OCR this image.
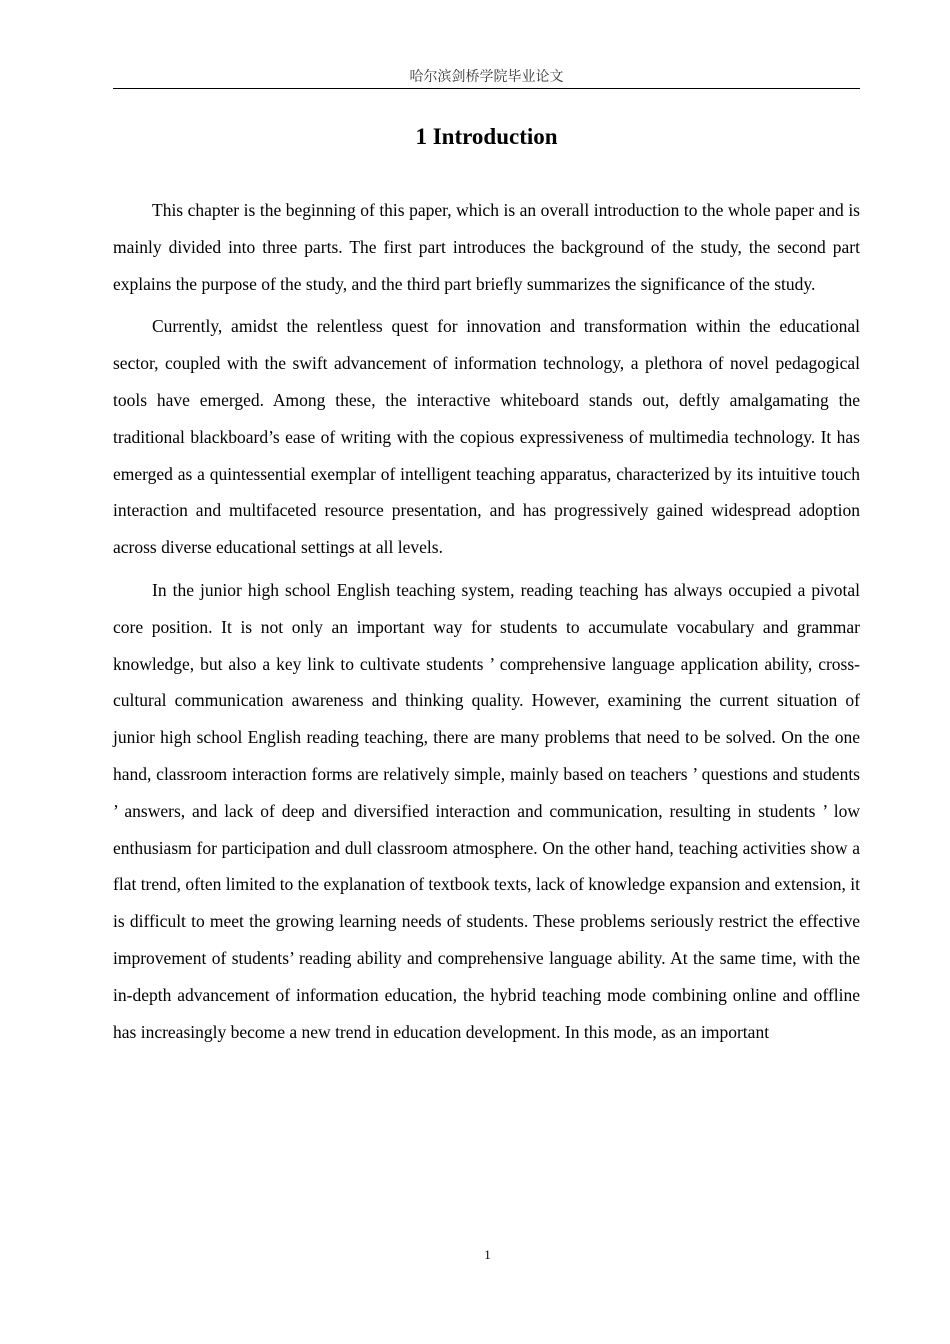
哈尔滨剑桥学院毕业论文
1 Introduction

This chapter is the beginning of this paper, which is an overall introduction to the whole paper and is mainly divided into three parts. The first part introduces the background of the study, the second part explains the purpose of the study, and the third part briefly summarizes the significance of the study.

Currently, amidst the relentless quest for innovation and transformation within the educational sector, coupled with the swift advancement of information technology, a plethora of novel pedagogical tools have emerged. Among these, the interactive whiteboard stands out, deftly amalgamating the traditional blackboard’s ease of writing with the copious expressiveness of multimedia technology. It has emerged as a quintessential exemplar of intelligent teaching apparatus, characterized by its intuitive touch interaction and multifaceted resource presentation, and has progressively gained widespread adoption across diverse educational settings at all levels.

In the junior high school English teaching system, reading teaching has always occupied a pivotal core position. It is not only an important way for students to accumulate vocabulary and grammar knowledge, but also a key link to cultivate students ’ comprehensive language application ability, cross-cultural communication awareness and thinking quality. However, examining the current situation of junior high school English reading teaching, there are many problems that need to be solved. On the one hand, classroom interaction forms are relatively simple, mainly based on teachers ’ questions and students ’ answers, and lack of deep and diversified interaction and communication, resulting in students ’ low enthusiasm for participation and dull classroom atmosphere. On the other hand, teaching activities show a flat trend, often limited to the explanation of textbook texts, lack of knowledge expansion and extension, it is difficult to meet the growing learning needs of students. These problems seriously restrict the effective improvement of students’ reading ability and comprehensive language ability. At the same time, with the in-depth advancement of information education, the hybrid teaching mode combining online and offline has increasingly become a new trend in education development. In this mode, as an important

1
